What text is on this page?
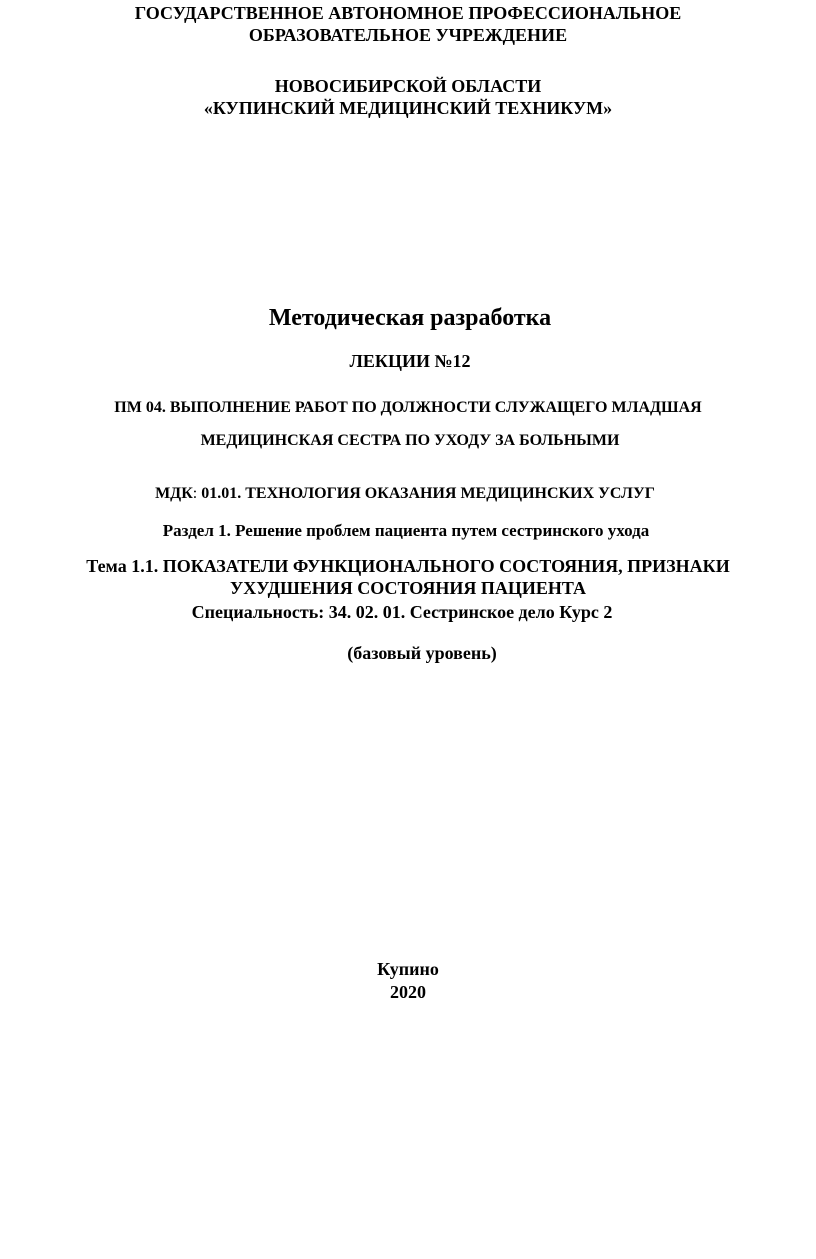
ГОСУДАРСТВЕННОЕ АВТОНОМНОЕ ПРОФЕССИОНАЛЬНОЕ
ОБРАЗОВАТЕЛЬНОЕ УЧРЕЖДЕНИЕ
НОВОСИБИРСКОЙ ОБЛАСТИ
«КУПИНСКИЙ МЕДИЦИНСКИЙ ТЕХНИКУМ»
Методическая разработка
ЛЕКЦИИ №12
ПМ 04. ВЫПОЛНЕНИЕ РАБОТ ПО ДОЛЖНОСТИ СЛУЖАЩЕГО МЛАДШАЯ
МЕДИЦИНСКАЯ СЕСТРА ПО УХОДУ ЗА БОЛЬНЫМИ
МДК: 01.01. ТЕХНОЛОГИЯ ОКАЗАНИЯ МЕДИЦИНСКИХ УСЛУГ
Раздел 1. Решение проблем пациента путем сестринского ухода
Тема 1.1. ПОКАЗАТЕЛИ ФУНКЦИОНАЛЬНОГО СОСТОЯНИЯ, ПРИЗНАКИ
УХУДШЕНИЯ СОСТОЯНИЯ ПАЦИЕНТА
Специальность: 34. 02. 01. Сестринское дело Курс 2
(базовый уровень)
Купино
2020
